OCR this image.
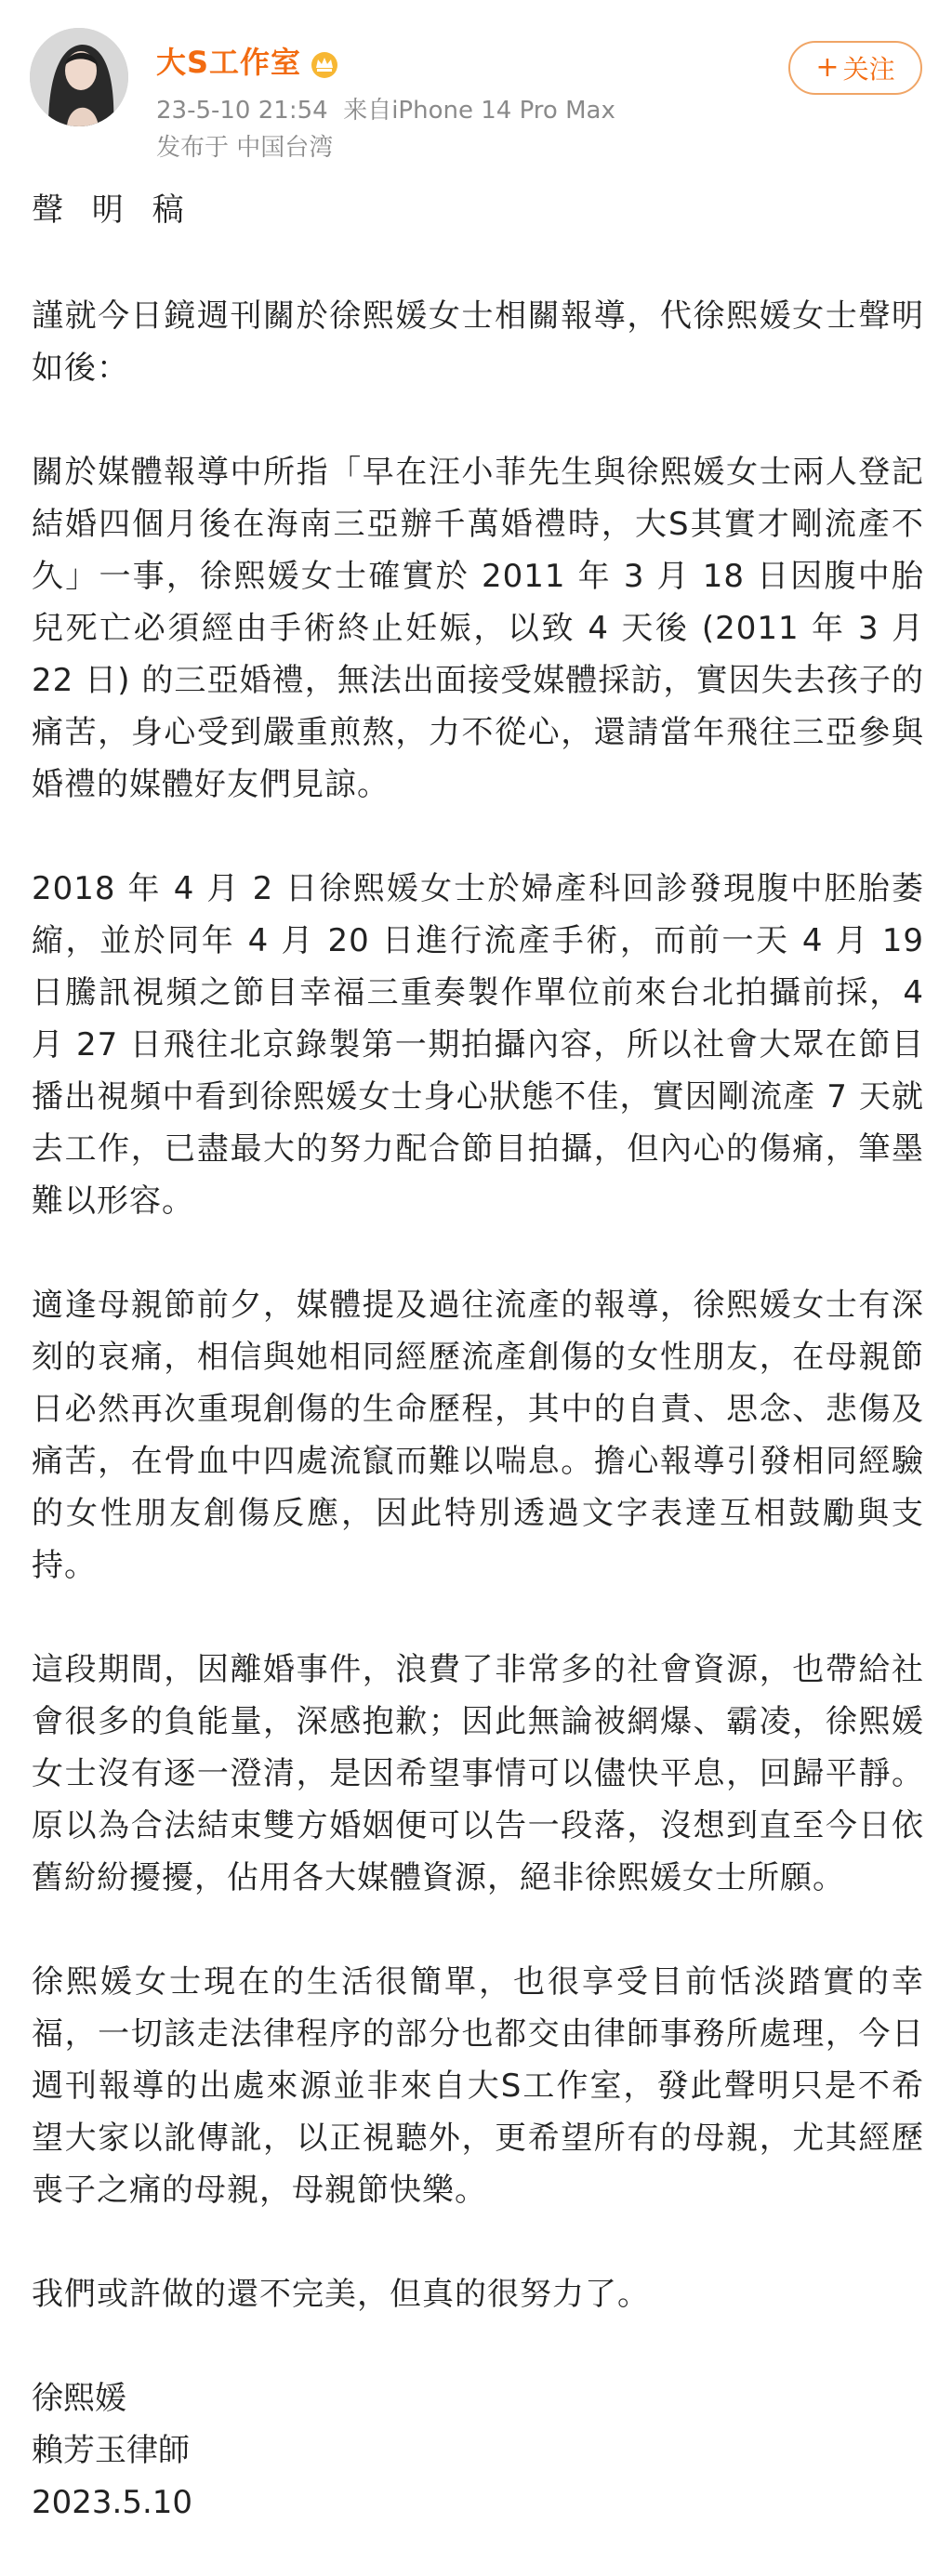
大S工作室
23-5-10 21:54 来自iPhone 14 Pro Max
发布于 中国台湾
+ 关注

聲 明 稿

謹就今日鏡週刊關於徐熙媛女士相關報導，代徐熙媛女士聲明如後：

關於媒體報導中所指「早在汪小菲先生與徐熙媛女士兩人登記結婚四個月後在海南三亞辦千萬婚禮時，大S其實才剛流產不久」一事，徐熙媛女士確實於 2011 年 3 月 18 日因腹中胎兒死亡必須經由手術終止妊娠，以致 4 天後 (2011 年 3 月 22 日) 的三亞婚禮，無法出面接受媒體採訪，實因失去孩子的痛苦，身心受到嚴重煎熬，力不從心，還請當年飛往三亞參與婚禮的媒體好友們見諒。

2018 年 4 月 2 日徐熙媛女士於婦產科回診發現腹中胚胎萎縮，並於同年 4 月 20 日進行流產手術，而前一天 4 月 19 日騰訊視頻之節目幸福三重奏製作單位前來台北拍攝前採，4 月 27 日飛往北京錄製第一期拍攝內容，所以社會大眾在節目播出視頻中看到徐熙媛女士身心狀態不佳，實因剛流產 7 天就去工作，已盡最大的努力配合節目拍攝，但內心的傷痛，筆墨難以形容。

適逢母親節前夕，媒體提及過往流產的報導，徐熙媛女士有深刻的哀痛，相信與她相同經歷流產創傷的女性朋友，在母親節日必然再次重現創傷的生命歷程，其中的自責、思念、悲傷及痛苦，在骨血中四處流竄而難以喘息。擔心報導引發相同經驗的女性朋友創傷反應，因此特別透過文字表達互相鼓勵與支持。

這段期間，因離婚事件，浪費了非常多的社會資源，也帶給社會很多的負能量，深感抱歉；因此無論被網爆、霸凌，徐熙媛女士沒有逐一澄清，是因希望事情可以儘快平息，回歸平靜。原以為合法結束雙方婚姻便可以告一段落，沒想到直至今日依舊紛紛擾擾，佔用各大媒體資源，絕非徐熙媛女士所願。

徐熙媛女士現在的生活很簡單，也很享受目前恬淡踏實的幸福，一切該走法律程序的部分也都交由律師事務所處理，今日週刊報導的出處來源並非來自大S工作室，發此聲明只是不希望大家以訛傳訛，以正視聽外，更希望所有的母親，尤其經歷喪子之痛的母親，母親節快樂。

我們或許做的還不完美，但真的很努力了。

徐熙媛

賴芳玉律師

2023.5.10
